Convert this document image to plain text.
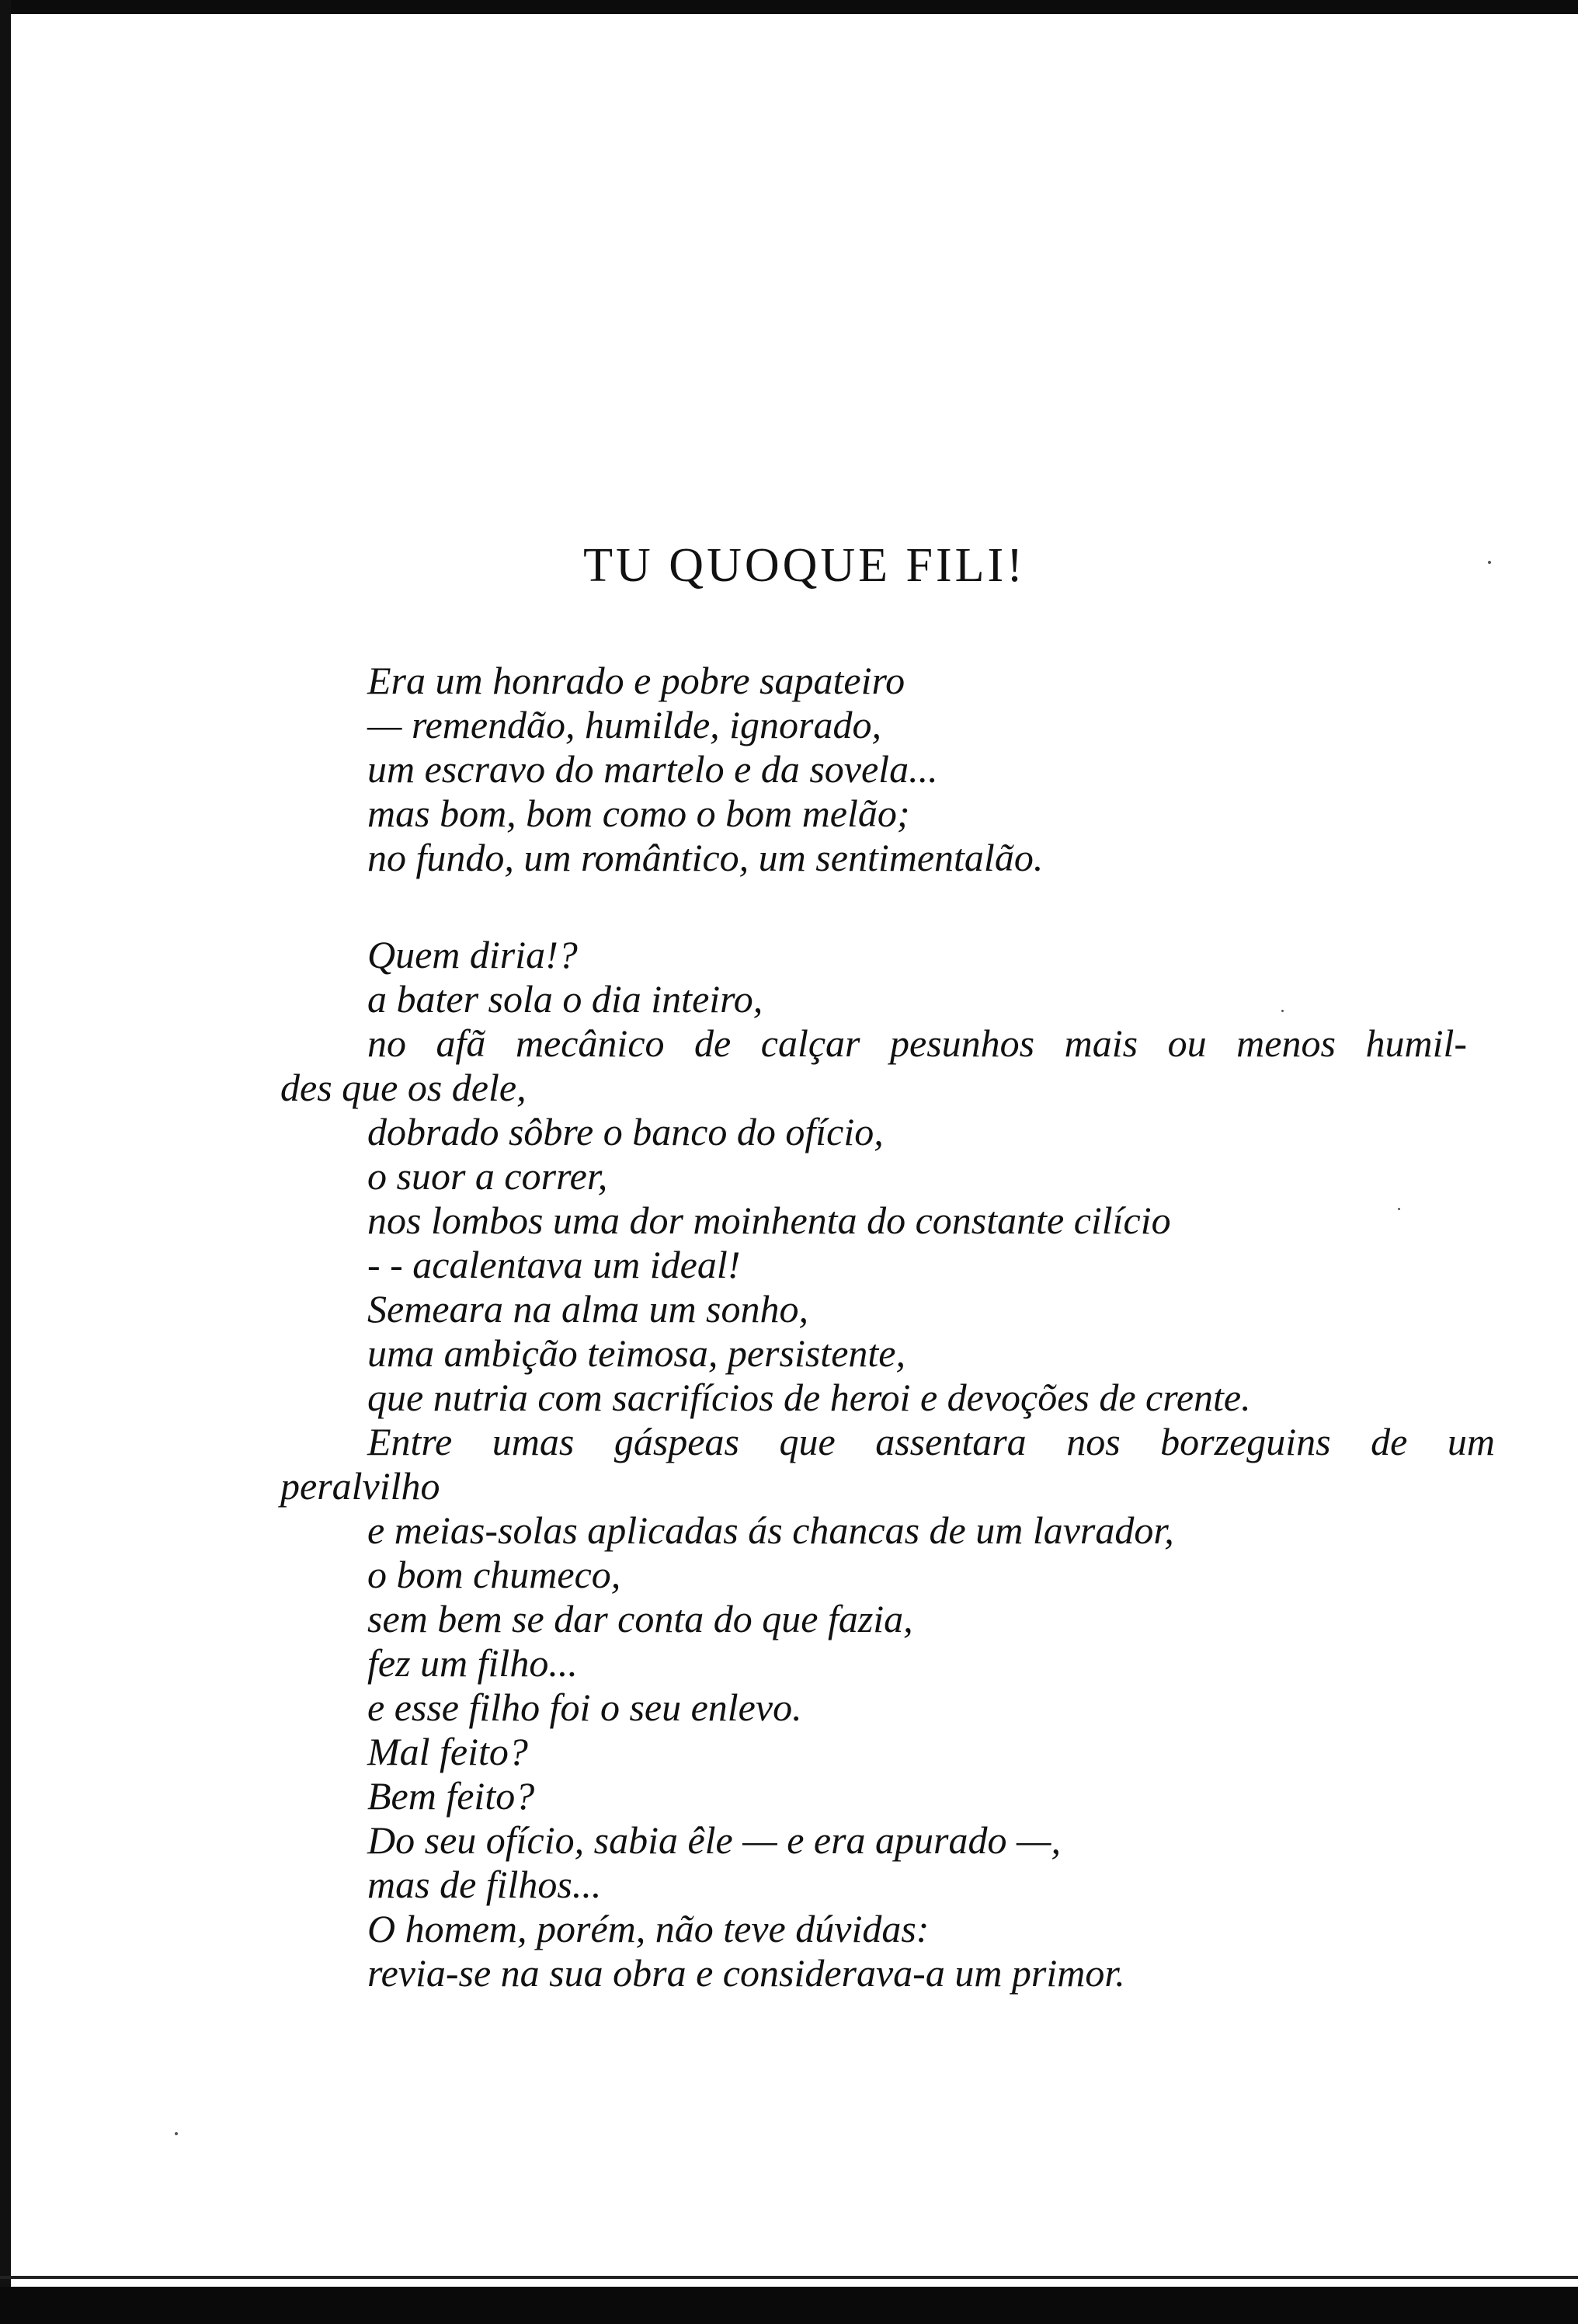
TU QUOQUE FILI!
Era um honrado e pobre sapateiro
— remendão, humilde, ignorado,
um escravo do martelo e da sovela...
mas bom, bom como o bom melão;
no fundo, um romântico, um sentimentalão.
Quem diria!?
a bater sola o dia inteiro,
no afã mecânico de calçar pesunhos mais ou menos humil-
des que os dele,
dobrado sôbre o banco do ofício,
o suor a correr,
nos lombos uma dor moinhenta do constante cilício
- - acalentava um ideal!
Semeara na alma um sonho,
uma ambição teimosa, persistente,
que nutria com sacrifícios de heroi e devoções de crente.
Entre umas gáspeas que assentara nos borzeguins de um
peralvilho
e meias-solas aplicadas ás chancas de um lavrador,
o bom chumeco,
sem bem se dar conta do que fazia,
fez um filho...
e esse filho foi o seu enlevo.
Mal feito?
Bem feito?
Do seu ofício, sabia êle — e era apurado —,
mas de filhos...
O homem, porém, não teve dúvidas:
revia-se na sua obra e considerava-a um primor.
